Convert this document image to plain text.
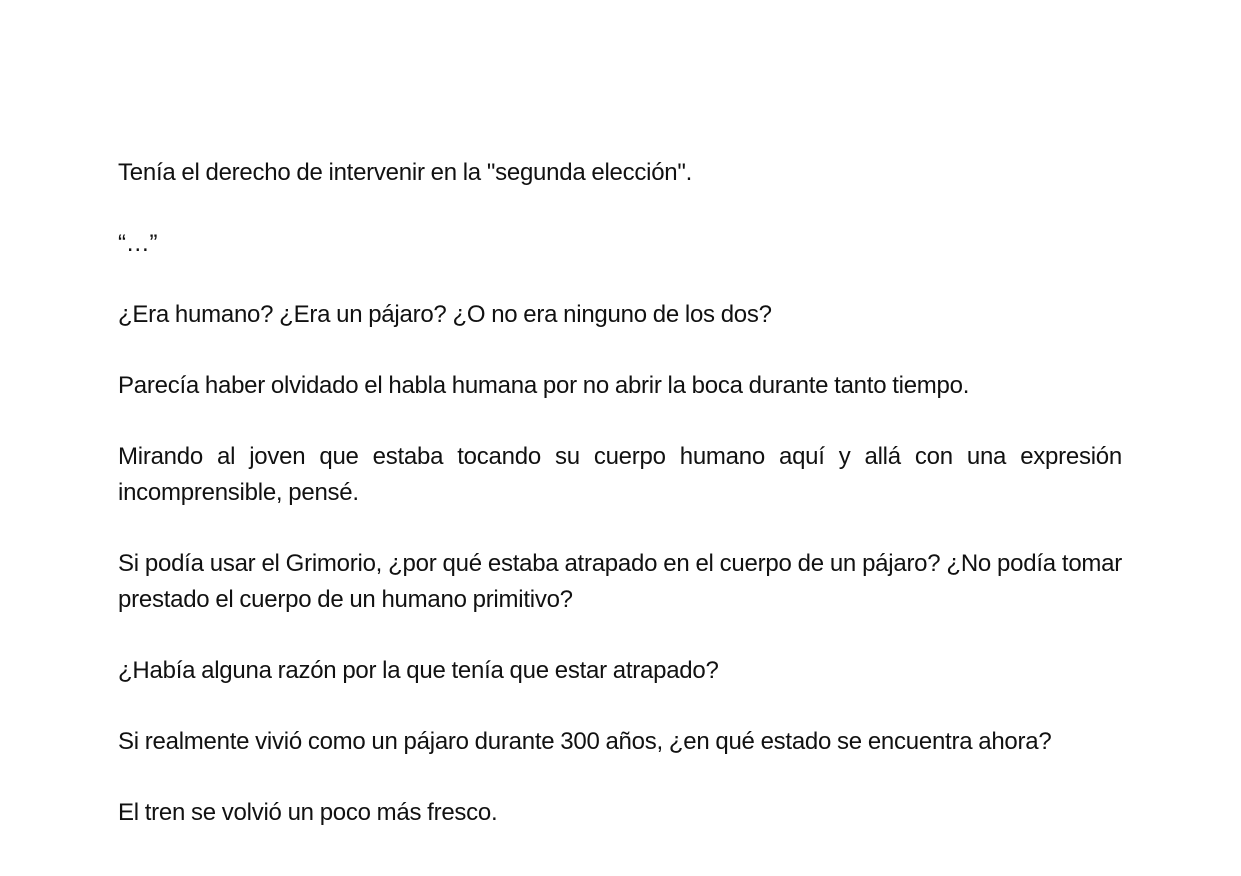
Tenía el derecho de intervenir en la "segunda elección".

“…”

¿Era humano? ¿Era un pájaro? ¿O no era ninguno de los dos?

Parecía haber olvidado el habla humana por no abrir la boca durante tanto tiempo.

Mirando al joven que estaba tocando su cuerpo humano aquí y allá con una expresión incomprensible, pensé.

Si podía usar el Grimorio, ¿por qué estaba atrapado en el cuerpo de un pájaro? ¿No podía tomar prestado el cuerpo de un humano primitivo?

¿Había alguna razón por la que tenía que estar atrapado?

Si realmente vivió como un pájaro durante 300 años, ¿en qué estado se encuentra ahora?

El tren se volvió un poco más fresco.
